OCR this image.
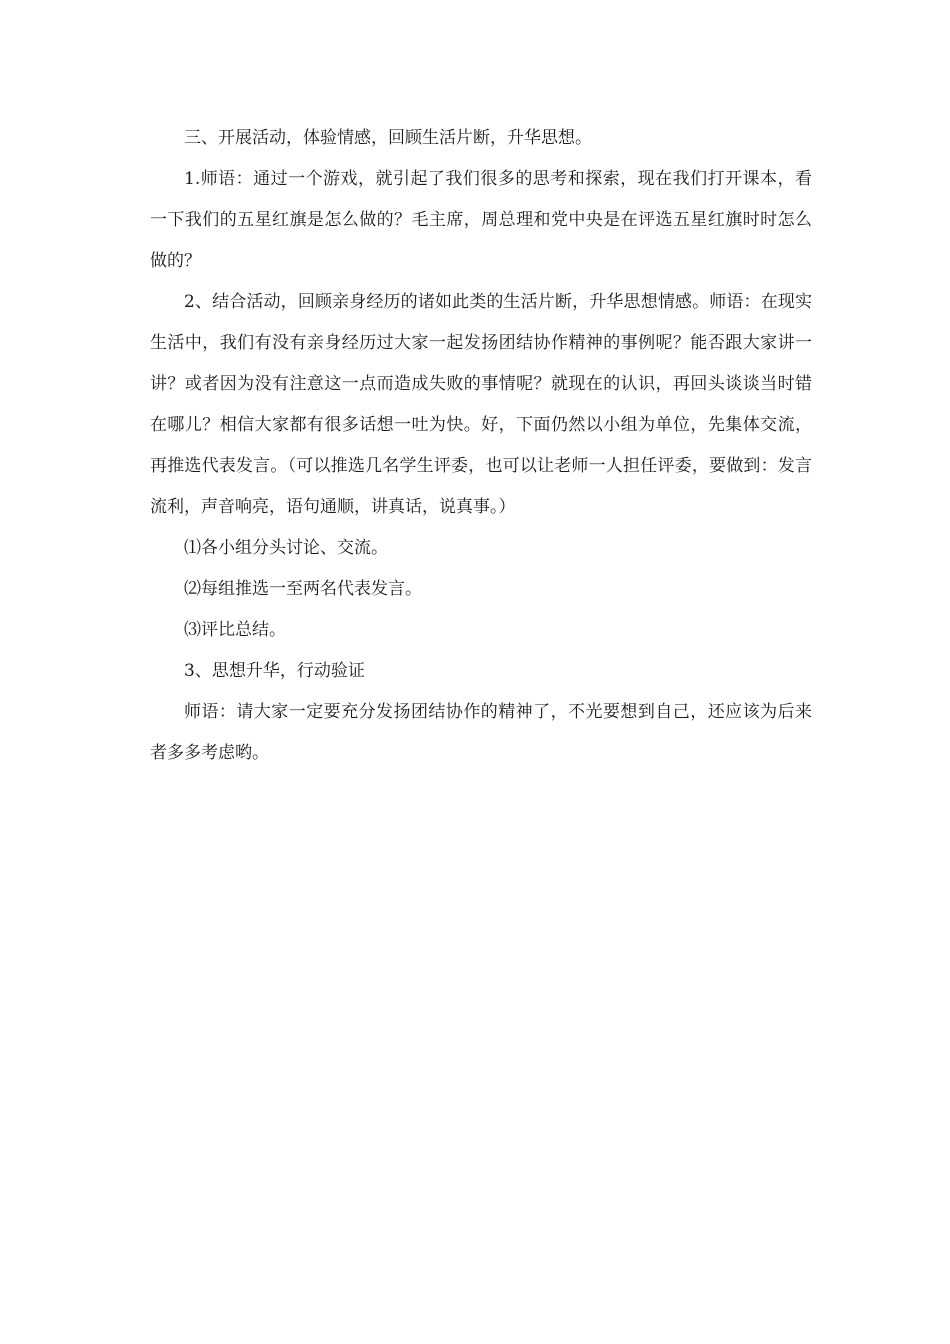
三、开展活动，体验情感，回顾生活片断，升华思想。

1.师语：通过一个游戏，就引起了我们很多的思考和探索，现在我们打开课本，看一下我们的五星红旗是怎么做的？毛主席，周总理和党中央是在评选五星红旗时时怎么做的？

2、结合活动，回顾亲身经历的诸如此类的生活片断，升华思想情感。师语：在现实生活中，我们有没有亲身经历过大家一起发扬团结协作精神的事例呢？能否跟大家讲一讲？或者因为没有注意这一点而造成失败的事情呢？就现在的认识，再回头谈谈当时错在哪儿？相信大家都有很多话想一吐为快。好，下面仍然以小组为单位，先集体交流，再推选代表发言。（可以推选几名学生评委，也可以让老师一人担任评委，要做到：发言流利，声音响亮，语句通顺，讲真话，说真事。）

⑴各小组分头讨论、交流。

⑵每组推选一至两名代表发言。

⑶评比总结。

3、思想升华，行动验证

师语：请大家一定要充分发扬团结协作的精神了，不光要想到自己，还应该为后来者多多考虑哟。
